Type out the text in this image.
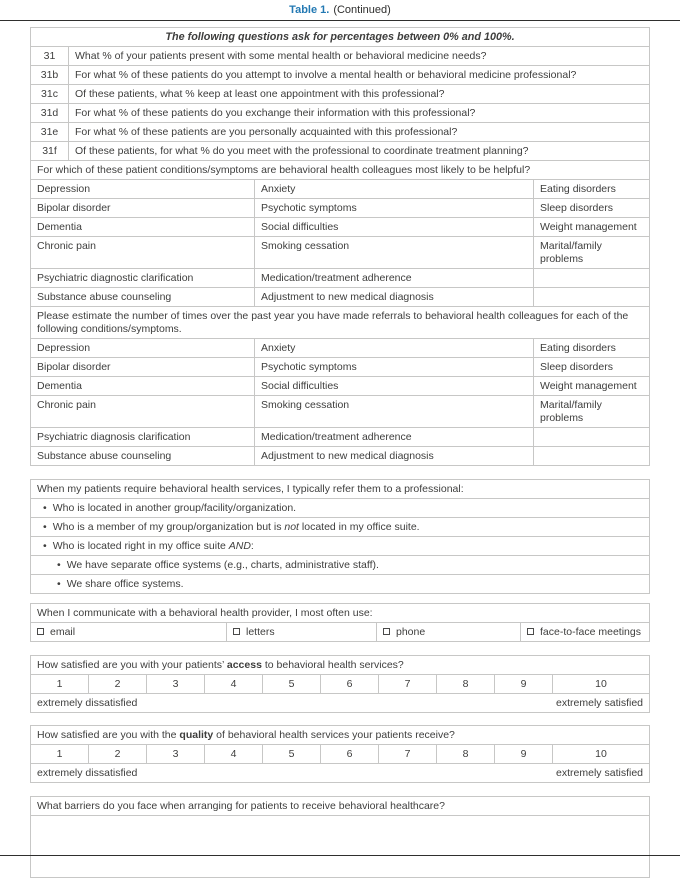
Table 1. (Continued)
The following questions ask for percentages between 0% and 100%.	
31	What % of your patients present with some mental health or behavioral medicine needs?
31b	For what % of these patients do you attempt to involve a mental health or behavioral medicine professional?
31c	Of these patients, what % keep at least one appointment with this professional?
31d	For what % of these patients do you exchange their information with this professional?
31e	For what % of these patients are you personally acquainted with this professional?
31f	Of these patients, for what % do you meet with the professional to coordinate treatment planning?
For which of these patient conditions/symptoms are behavioral health colleagues most likely to be helpful?		
Depression	Anxiety	Eating disorders
Bipolar disorder	Psychotic symptoms	Sleep disorders
Dementia	Social difficulties	Weight management
Chronic pain	Smoking cessation	Marital/family problems
Psychiatric diagnostic clarification	Medication/treatment adherence	
Substance abuse counseling	Adjustment to new medical diagnosis	
Please estimate the number of times over the past year you have made referrals to behavioral health colleagues for each of the following conditions/symptoms.		
Depression	Anxiety	Eating disorders
Bipolar disorder	Psychotic symptoms	Sleep disorders
Dementia	Social difficulties	Weight management
Chronic pain	Smoking cessation	Marital/family problems
Psychiatric diagnosis clarification	Medication/treatment adherence	
Substance abuse counseling	Adjustment to new medical diagnosis	
When my patients require behavioral health services, I typically refer them to a professional:
• Who is located in another group/facility/organization.
• Who is a member of my group/organization but is not located in my office suite.
• Who is located right in my office suite AND:
• We have separate office systems (e.g., charts, administrative staff).
• We share office systems.
When I communicate with a behavioral health provider, I most often use:
email	letters	phone	face-to-face meetings
How satisfied are you with your patients’ access to behavioral health services?
1	2	3	4	5	6	7	8	9	10

extremely dissatisfied	extremely satisfied
How satisfied are you with the quality of behavioral health services your patients receive?
1	2	3	4	5	6	7	8	9	10

extremely dissatisfied	extremely satisfied
What barriers do you face when arranging for patients to receive behavioral healthcare?
